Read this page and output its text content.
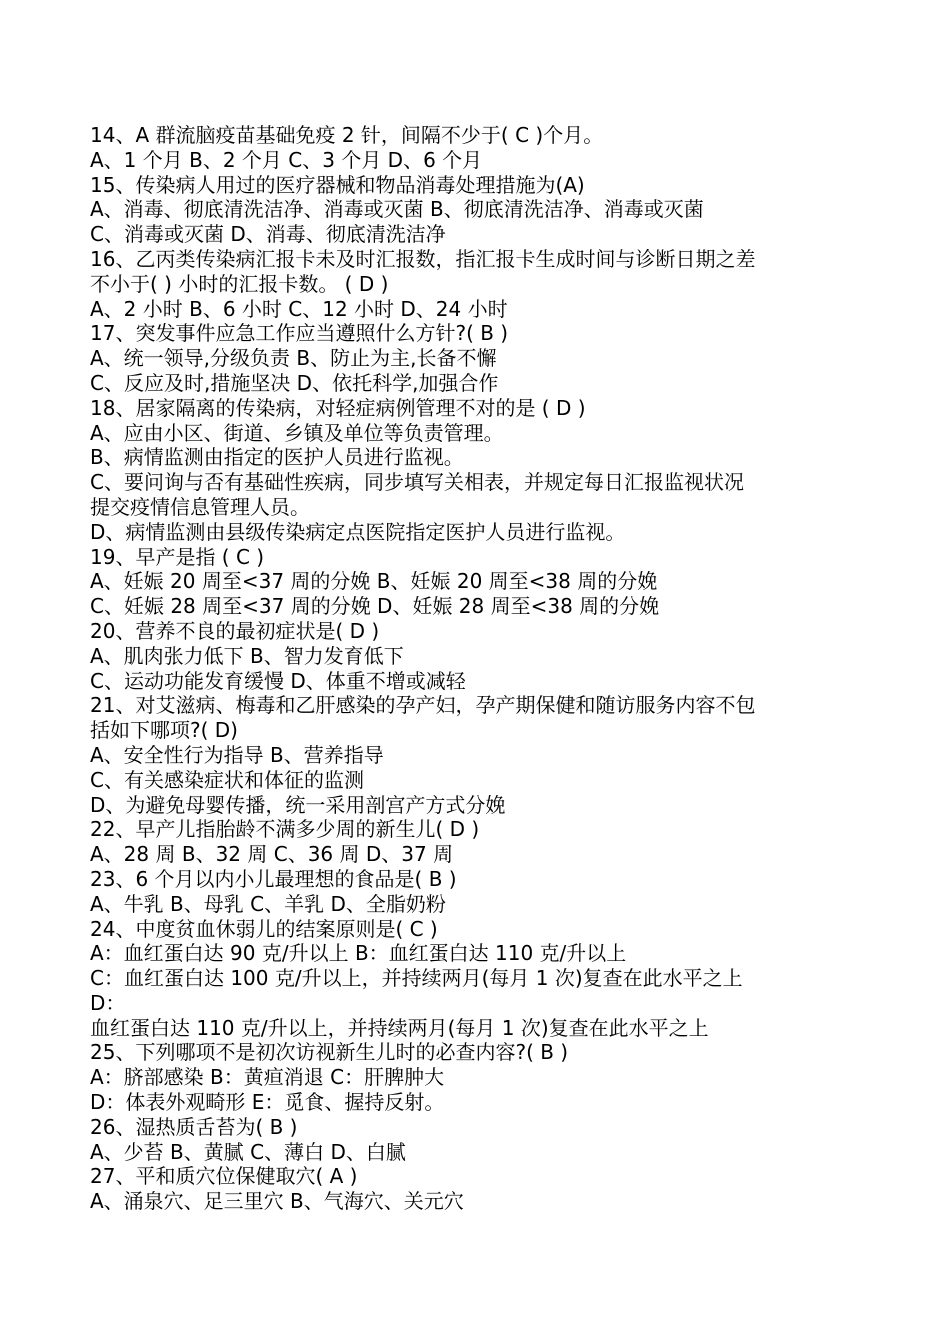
14、A 群流脑疫苗基础免疫 2 针，间隔不少于( C )个月。
A、1 个月 B、2 个月 C、3 个月 D、6 个月
15、传染病人用过的医疗器械和物品消毒处理措施为(A)
A、消毒、彻底清洗洁净、消毒或灭菌 B、彻底清洗洁净、消毒或灭菌
C、消毒或灭菌 D、消毒、彻底清洗洁净
16、乙丙类传染病汇报卡未及时汇报数，指汇报卡生成时间与诊断日期之差
不小于( ) 小时的汇报卡数。 ( D )
A、2 小时 B、6 小时 C、12 小时 D、24 小时
17、突发事件应急工作应当遵照什么方针?( B )
A、统一领导,分级负责 B、防止为主,长备不懈
C、反应及时,措施坚决 D、依托科学,加强合作
18、居家隔离的传染病，对轻症病例管理不对的是 ( D )
A、应由小区、街道、乡镇及单位等负责管理。
B、病情监测由指定的医护人员进行监视。
C、要问询与否有基础性疾病，同步填写关相表，并规定每日汇报监视状况
提交疫情信息管理人员。
D、病情监测由县级传染病定点医院指定医护人员进行监视。
19、早产是指 ( C )
A、妊娠 20 周至<37 周的分娩 B、妊娠 20 周至<38 周的分娩
C、妊娠 28 周至<37 周的分娩 D、妊娠 28 周至<38 周的分娩
20、营养不良的最初症状是( D )
A、肌肉张力低下 B、智力发育低下
C、运动功能发育缓慢 D、体重不增或减轻
21、对艾滋病、梅毒和乙肝感染的孕产妇，孕产期保健和随访服务内容不包
括如下哪项?( D)
A、安全性行为指导 B、营养指导
C、有关感染症状和体征的监测
D、为避免母婴传播，统一采用剖宫产方式分娩
22、早产儿指胎龄不满多少周的新生儿( D )
A、28 周 B、32 周 C、36 周 D、37 周
23、6 个月以内小儿最理想的食品是( B )
A、牛乳 B、母乳 C、羊乳 D、全脂奶粉
24、中度贫血休弱儿的结案原则是( C )
A：血红蛋白达 90 克/升以上 B：血红蛋白达 110 克/升以上
C：血红蛋白达 100 克/升以上，并持续两月(每月 1 次)复查在此水平之上
D：
血红蛋白达 110 克/升以上，并持续两月(每月 1 次)复查在此水平之上
25、下列哪项不是初次访视新生儿时的必查内容?( B )
A：脐部感染 B：黄疸消退 C：肝脾肿大
D：体表外观畸形 E：觅食、握持反射。
26、湿热质舌苔为( B )
A、少苔 B、黄腻 C、薄白 D、白腻
27、平和质穴位保健取穴( A )
A、涌泉穴、足三里穴 B、气海穴、关元穴
